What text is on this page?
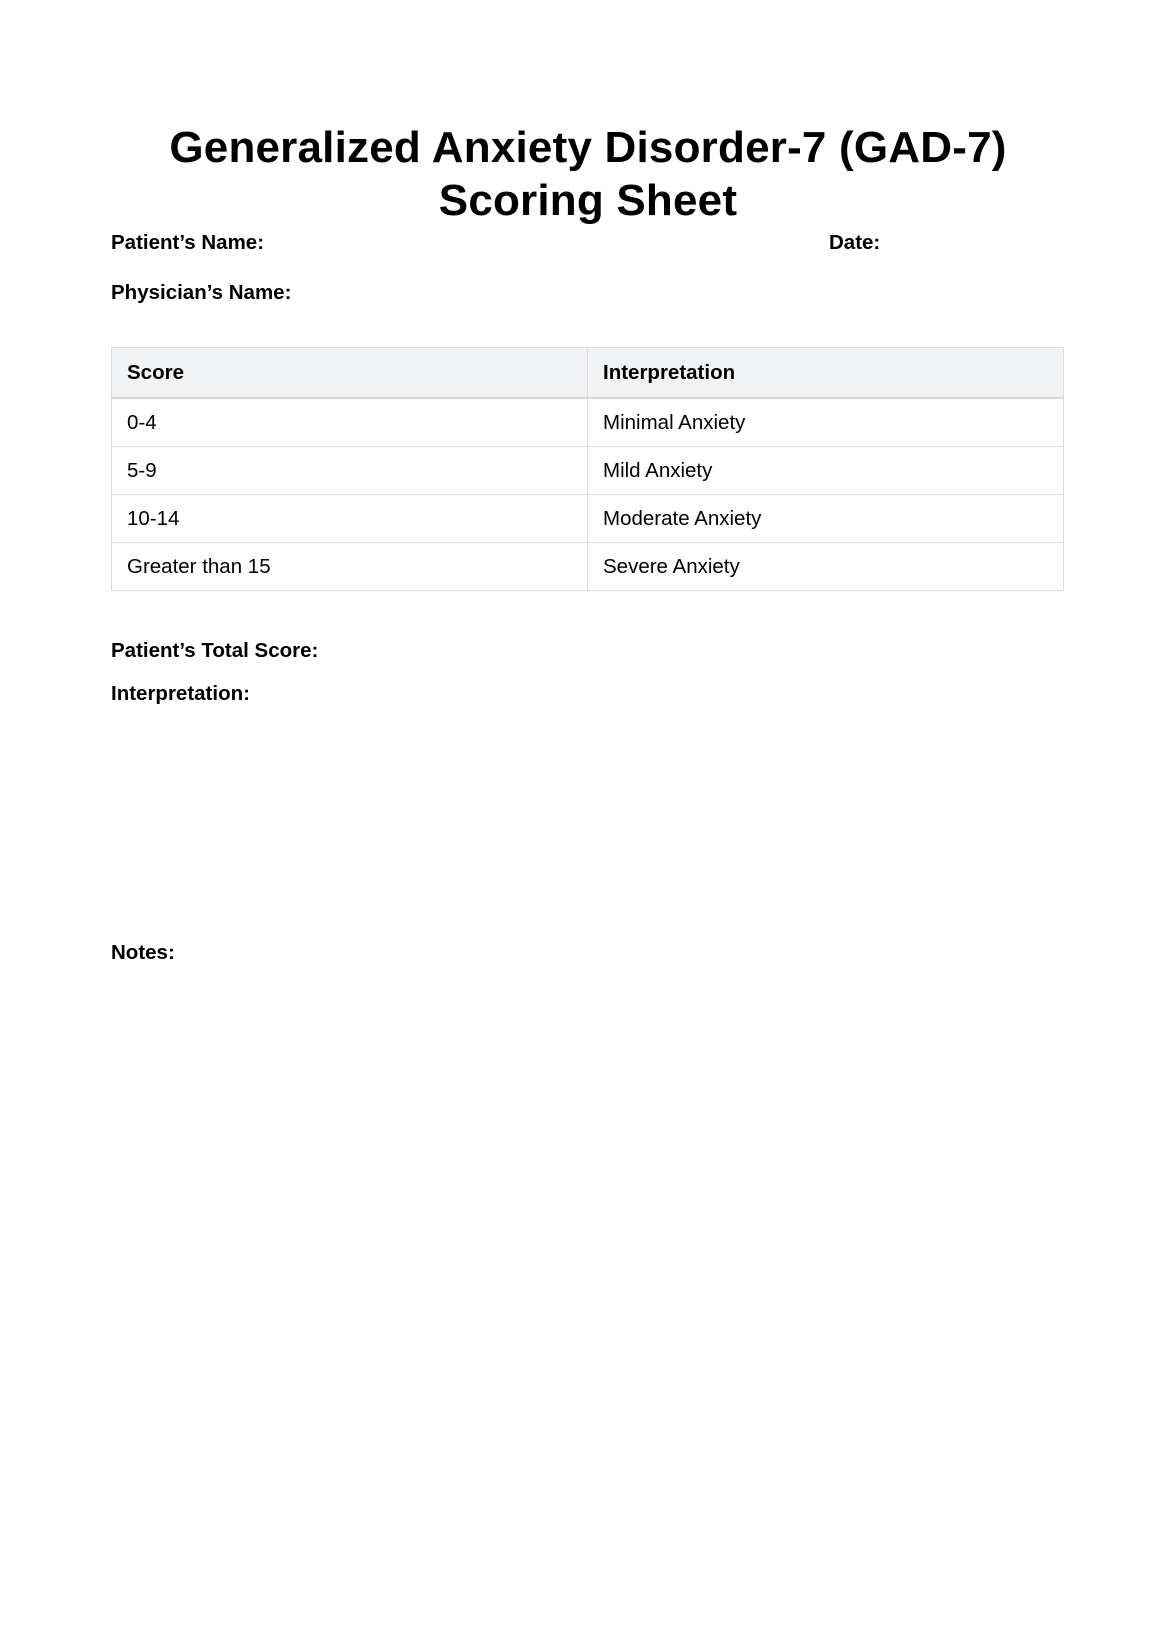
Generalized Anxiety Disorder-7 (GAD-7)
Scoring Sheet
Patient’s Name:	Date:
Physician’s Name:
Score	Interpretation
0-4	Minimal Anxiety
5-9	Mild Anxiety
10-14	Moderate Anxiety
Greater than 15	Severe Anxiety
Patient’s Total Score:
Interpretation:
Notes:
